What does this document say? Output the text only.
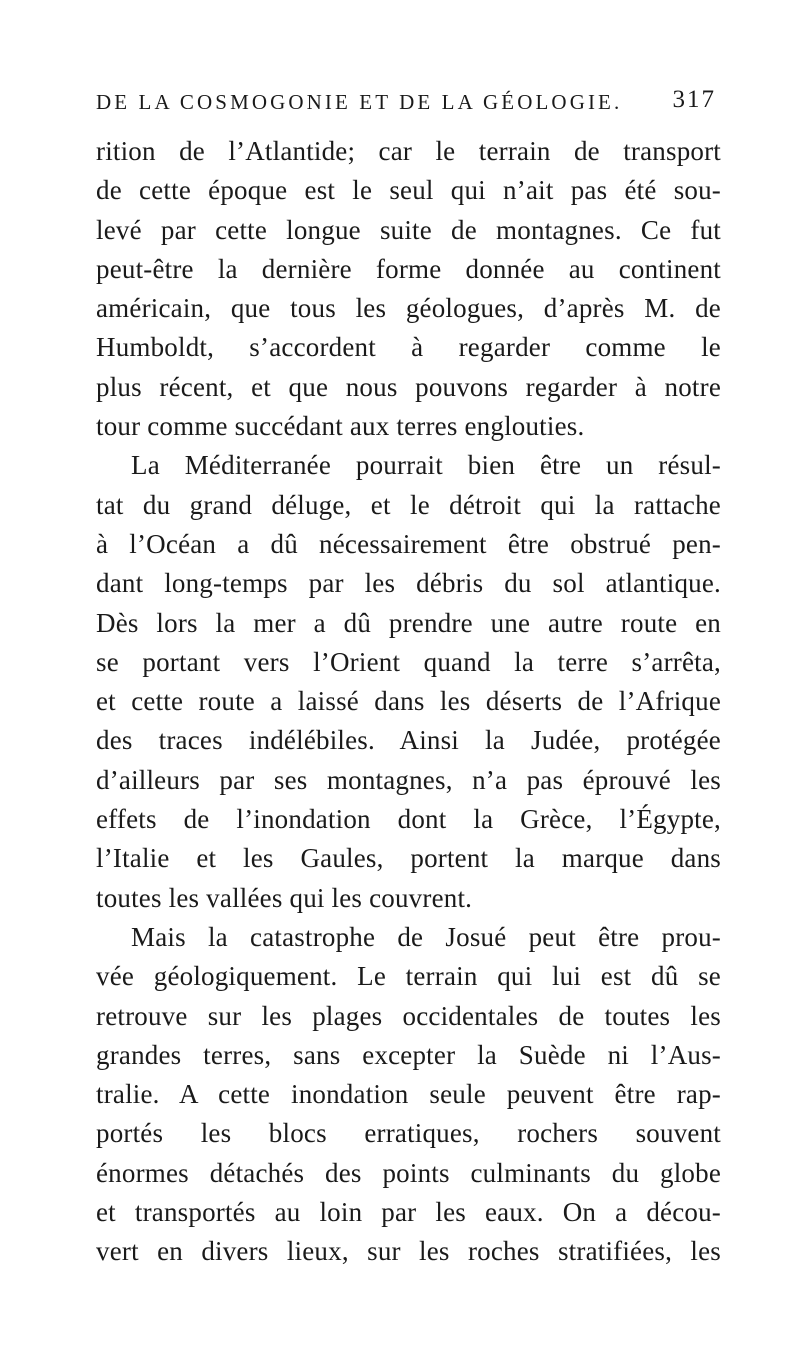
DE LA COSMOGONIE ET DE LA GÉOLOGIE. 317
rition de l’Atlantide; car le terrain de transport
de cette époque est le seul qui n’ait pas été sou-
levé par cette longue suite de montagnes. Ce fut
peut-être la dernière forme donnée au continent
américain, que tous les géologues, d’après M. de
Humboldt, s’accordent à regarder comme le
plus récent, et que nous pouvons regarder à notre
tour comme succédant aux terres englouties.
La Méditerranée pourrait bien être un résul-
tat du grand déluge, et le détroit qui la rattache
à l’Océan a dû nécessairement être obstrué pen-
dant long-temps par les débris du sol atlantique.
Dès lors la mer a dû prendre une autre route en
se portant vers l’Orient quand la terre s’arrêta,
et cette route a laissé dans les déserts de l’Afrique
des traces indélébiles. Ainsi la Judée, protégée
d’ailleurs par ses montagnes, n’a pas éprouvé les
effets de l’inondation dont la Grèce, l’Égypte,
l’Italie et les Gaules, portent la marque dans
toutes les vallées qui les couvrent.
Mais la catastrophe de Josué peut être prou-
vée géologiquement. Le terrain qui lui est dû se
retrouve sur les plages occidentales de toutes les
grandes terres, sans excepter la Suède ni l’Aus-
tralie. A cette inondation seule peuvent être rap-
portés les blocs erratiques, rochers souvent
énormes détachés des points culminants du globe
et transportés au loin par les eaux. On a décou-
vert en divers lieux, sur les roches stratifiées, les
